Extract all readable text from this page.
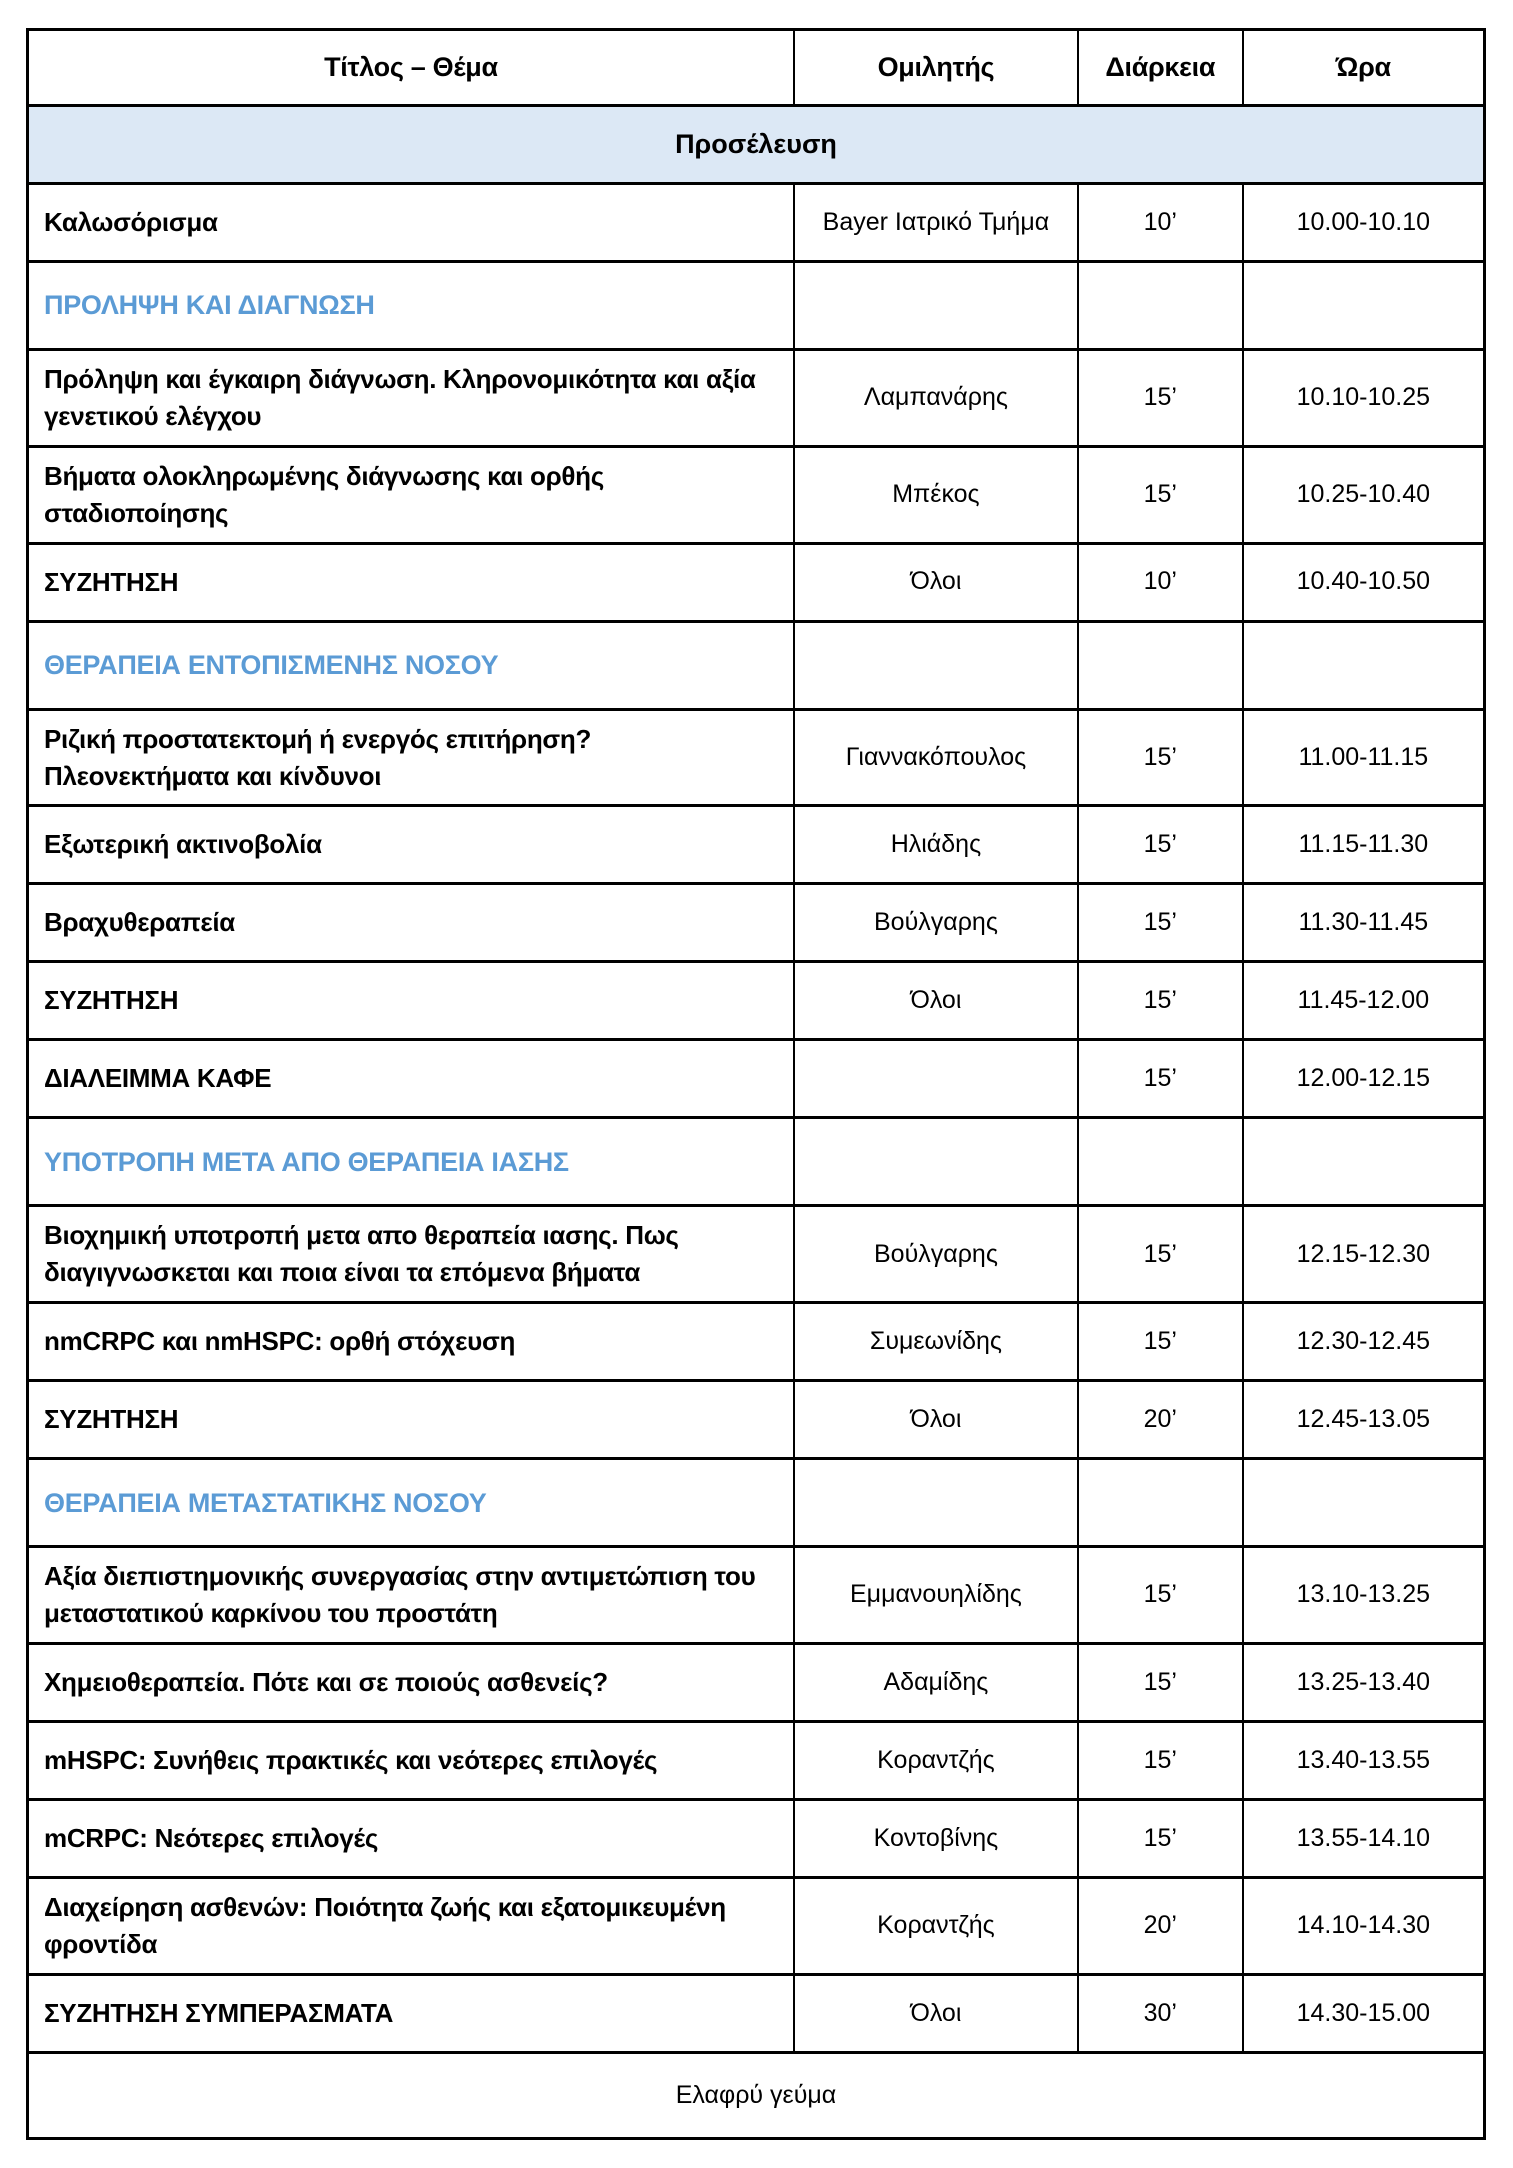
Τίτλος – Θέμα	Ομιλητής	Διάρκεια	Ώρα
Προσέλευση			
Καλωσόρισμα	Bayer Ιατρικό Τμήμα	10’	10.00-10.10
ΠΡΟΛΗΨΗ ΚΑΙ ΔΙΑΓΝΩΣΗ			
Πρόληψη και έγκαιρη διάγνωση. Κληρονομικότητα και αξία γενετικού ελέγχου	Λαμπανάρης	15’	10.10-10.25
Βήματα ολοκληρωμένης διάγνωσης και ορθής σταδιοποίησης	Μπέκος	15’	10.25-10.40
ΣΥΖΗΤΗΣΗ	Όλοι	10’	10.40-10.50
ΘΕΡΑΠΕΙΑ ΕΝΤΟΠΙΣΜΕΝΗΣ ΝΟΣΟΥ			
Ριζική προστατεκτομή ή ενεργός επιτήρηση? Πλεονεκτήματα και κίνδυνοι	Γιαννακόπουλος	15’	11.00-11.15
Εξωτερική ακτινοβολία	Ηλιάδης	15’	11.15-11.30
Βραχυθεραπεία	Βούλγαρης	15’	11.30-11.45
ΣΥΖΗΤΗΣΗ	Όλοι	15’	11.45-12.00
ΔΙΑΛΕΙΜΜΑ ΚΑΦΕ		15’	12.00-12.15
ΥΠΟΤΡΟΠΗ ΜΕΤΑ ΑΠΟ ΘΕΡΑΠΕΙΑ ΙΑΣΗΣ			
Βιοχημική υποτροπή μετα απο θεραπεία ιασης. Πως διαγιγνωσκεται και ποια είναι τα επόμενα βήματα	Βούλγαρης	15’	12.15-12.30
nmCRPC και nmHSPC: ορθή στόχευση	Συμεωνίδης	15’	12.30-12.45
ΣΥΖΗΤΗΣΗ	Όλοι	20’	12.45-13.05
ΘΕΡΑΠΕΙΑ ΜΕΤΑΣΤΑΤΙΚΗΣ ΝΟΣΟΥ			
Αξία διεπιστημονικής συνεργασίας στην αντιμετώπιση του μεταστατικού καρκίνου του προστάτη	Εμμανουηλίδης	15’	13.10-13.25
Χημειοθεραπεία. Πότε και σε ποιούς ασθενείς?	Αδαμίδης	15’	13.25-13.40
mHSPC: Συνήθεις πρακτικές και νεότερες επιλογές	Κοραντζής	15’	13.40-13.55
mCRPC: Νεότερες επιλογές	Κοντοβίνης	15’	13.55-14.10
Διαχείρηση ασθενών: Ποιότητα ζωής και εξατομικευμένη φροντίδα	Κοραντζής	20’	14.10-14.30
ΣΥΖΗΤΗΣΗ ΣΥΜΠΕΡΑΣΜΑΤΑ	Όλοι	30’	14.30-15.00
Ελαφρύ γεύμα			
